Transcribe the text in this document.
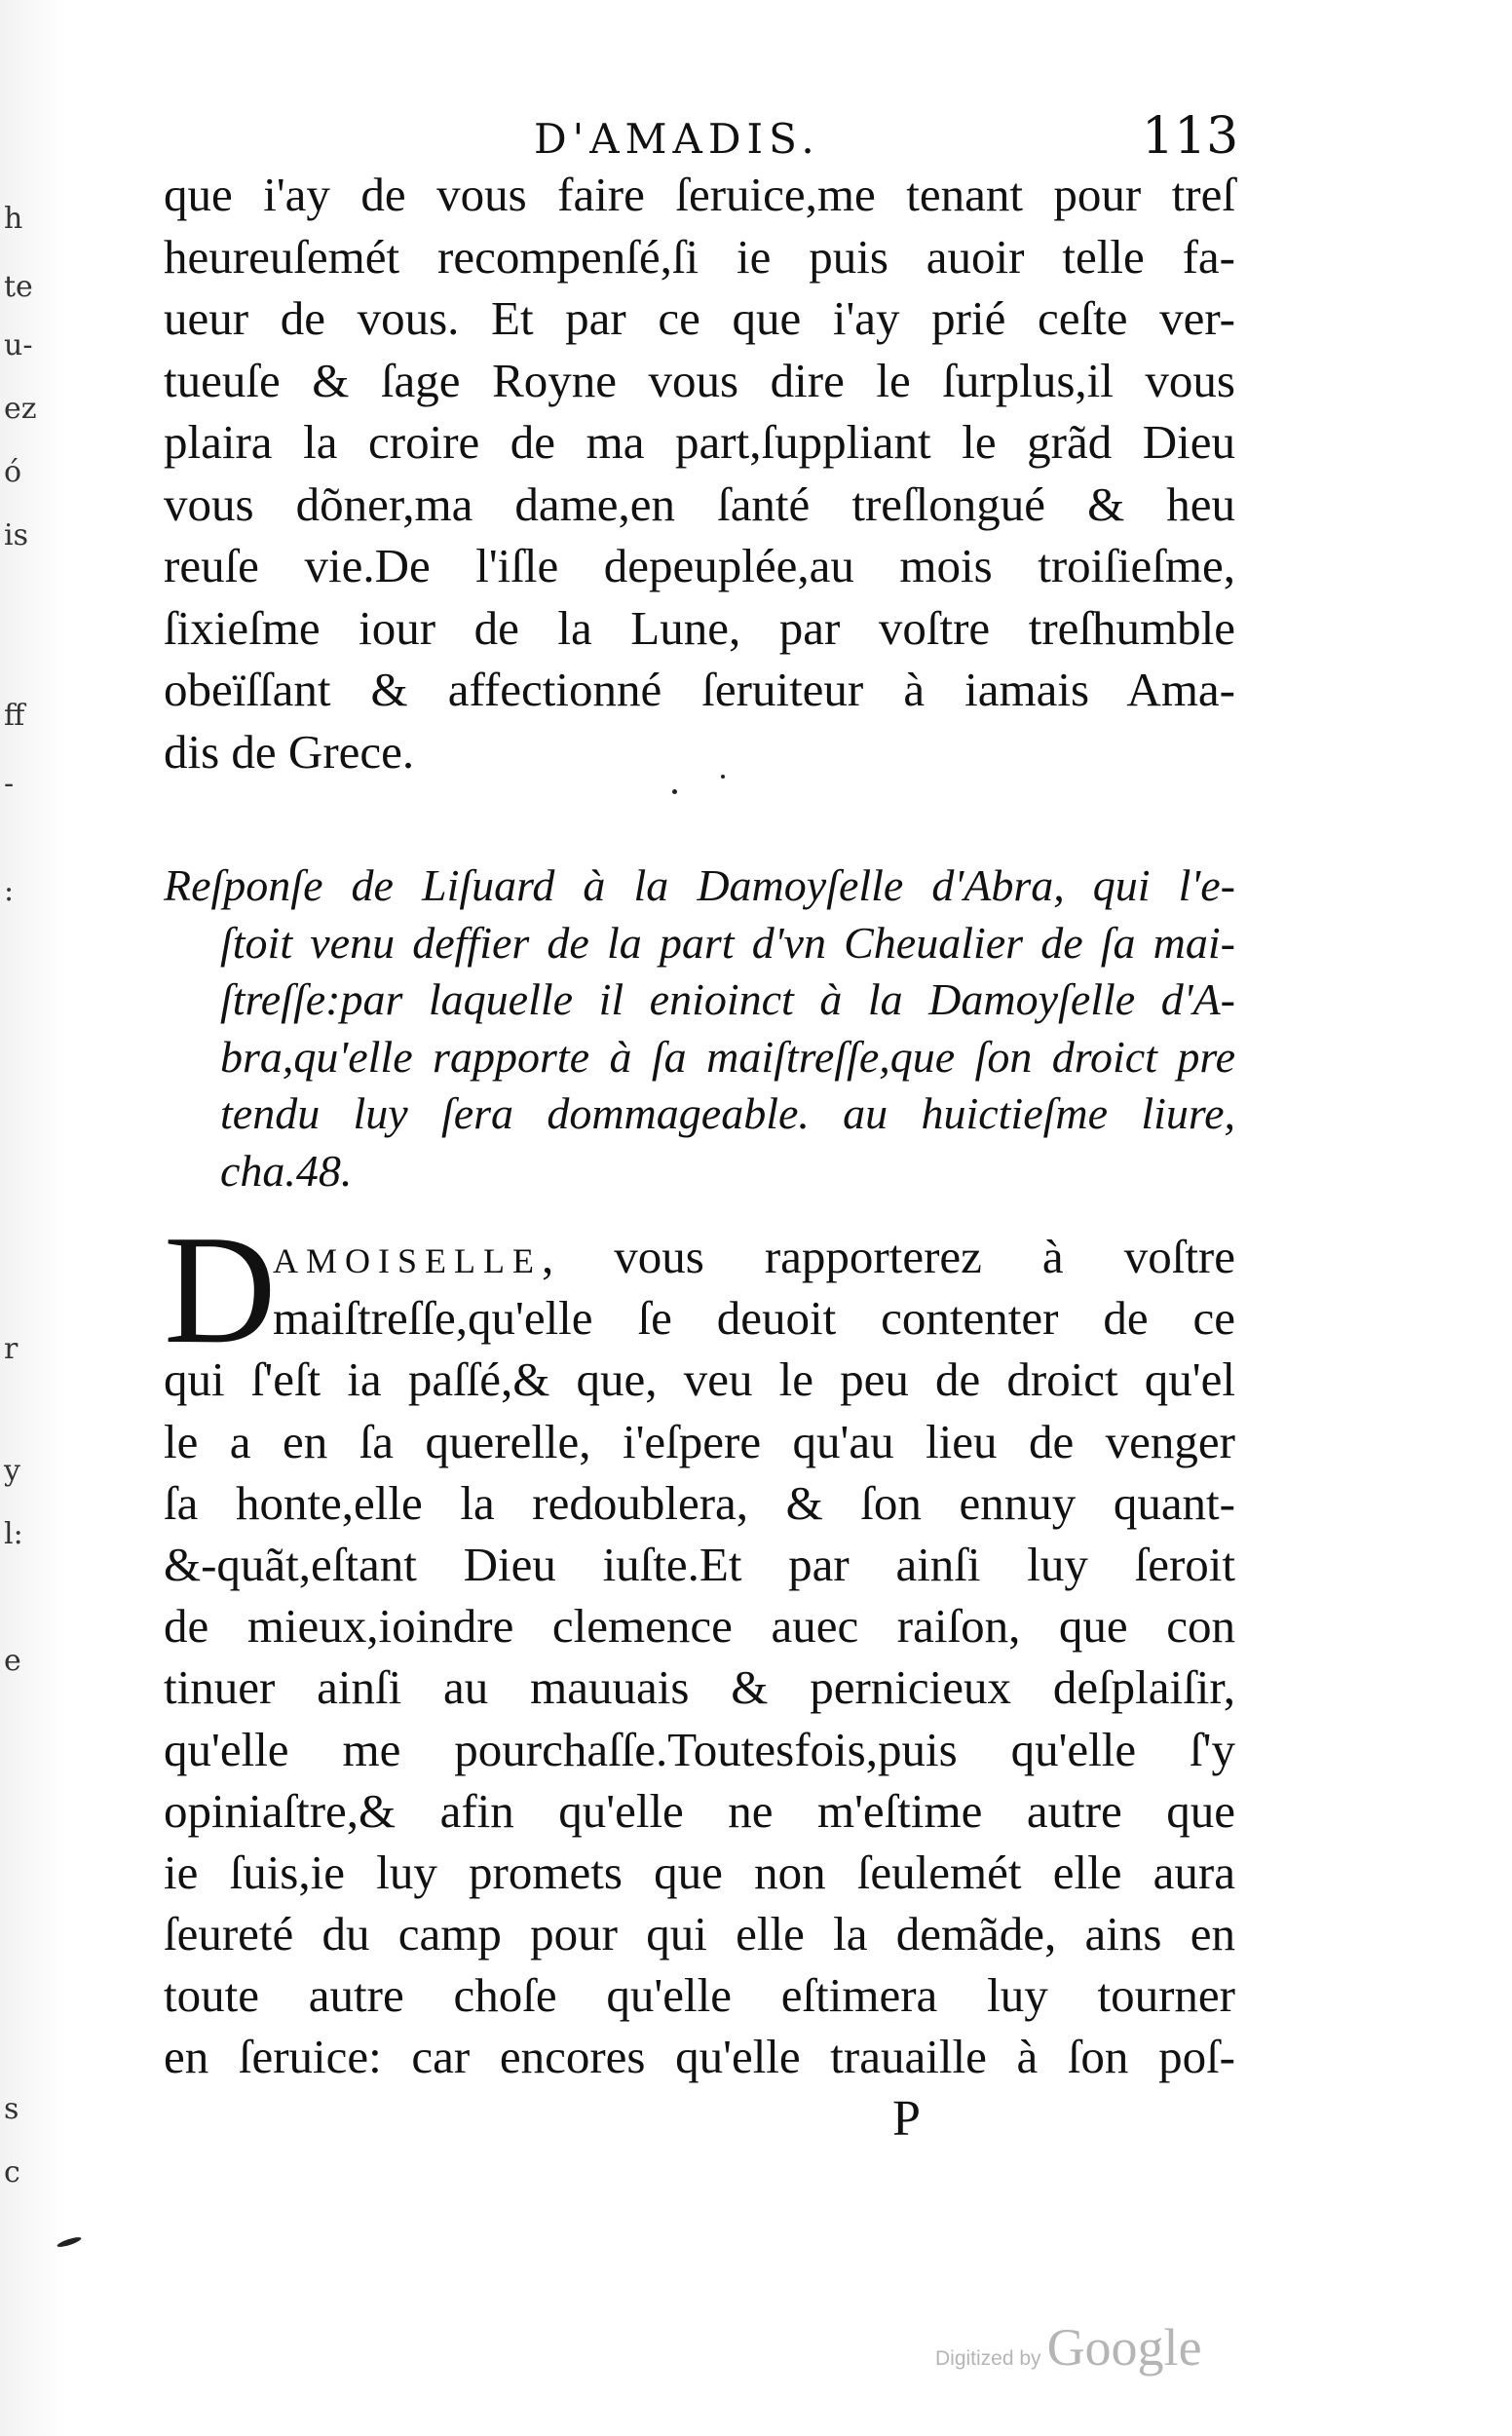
h
te
u-
ez
ó
is
ff
-
:
r
y
l:
e
s
c
D'AMADIS.	113
que i'ay de vous faire ſeruice,me tenant pour treſ
heureuſemét recompenſé,ſi ie puis auoir telle fa-
ueur de vous. Et par ce que i'ay prié ceſte ver-
tueuſe & ſage Royne vous dire le ſurplus,il vous
plaira la croire de ma part,ſuppliant le grãd Dieu
vous dõner,ma dame,en ſanté treſlongué & heu
reuſe vie.De l'iſle depeuplée,au mois troiſieſme,
ſixieſme iour de la Lune, par voſtre treſhumble
obeïſſant & affectionné ſeruiteur à iamais Ama-
dis de Grece.
Reſponſe de Liſuard à la Damoyſelle d'Abra, qui l'e-
ſtoit venu deffier de la part d'vn Cheualier de ſa mai-
ſtreſſe:par laquelle il enioinct à la Damoyſelle d'A-
bra,qu'elle rapporte à ſa maiſtreſſe,que ſon droict pre
tendu luy ſera dommageable. au huictieſme liure,
cha.48.
D
AMOISELLE, vous rapporterez à voſtre
maiſtreſſe,qu'elle ſe deuoit contenter de ce
qui ſ'eſt ia paſſé,& que, veu le peu de droict qu'el
le a en ſa querelle, i'eſpere qu'au lieu de venger
ſa honte,elle la redoublera, & ſon ennuy quant-
&-quãt,eſtant Dieu iuſte.Et par ainſi luy ſeroit
de mieux,ioindre clemence auec raiſon, que con
tinuer ainſi au mauuais & pernicieux deſplaiſir,
qu'elle me pourchaſſe.Toutesfois,puis qu'elle ſ'y
opiniaſtre,& afin qu'elle ne m'eſtime autre que
ie ſuis,ie luy promets que non ſeulemét elle aura
ſeureté du camp pour qui elle la demãde, ains en
toute autre choſe qu'elle eſtimera luy tourner
en ſeruice: car encores qu'elle trauaille à ſon poſ-
P
Digitized by Google
